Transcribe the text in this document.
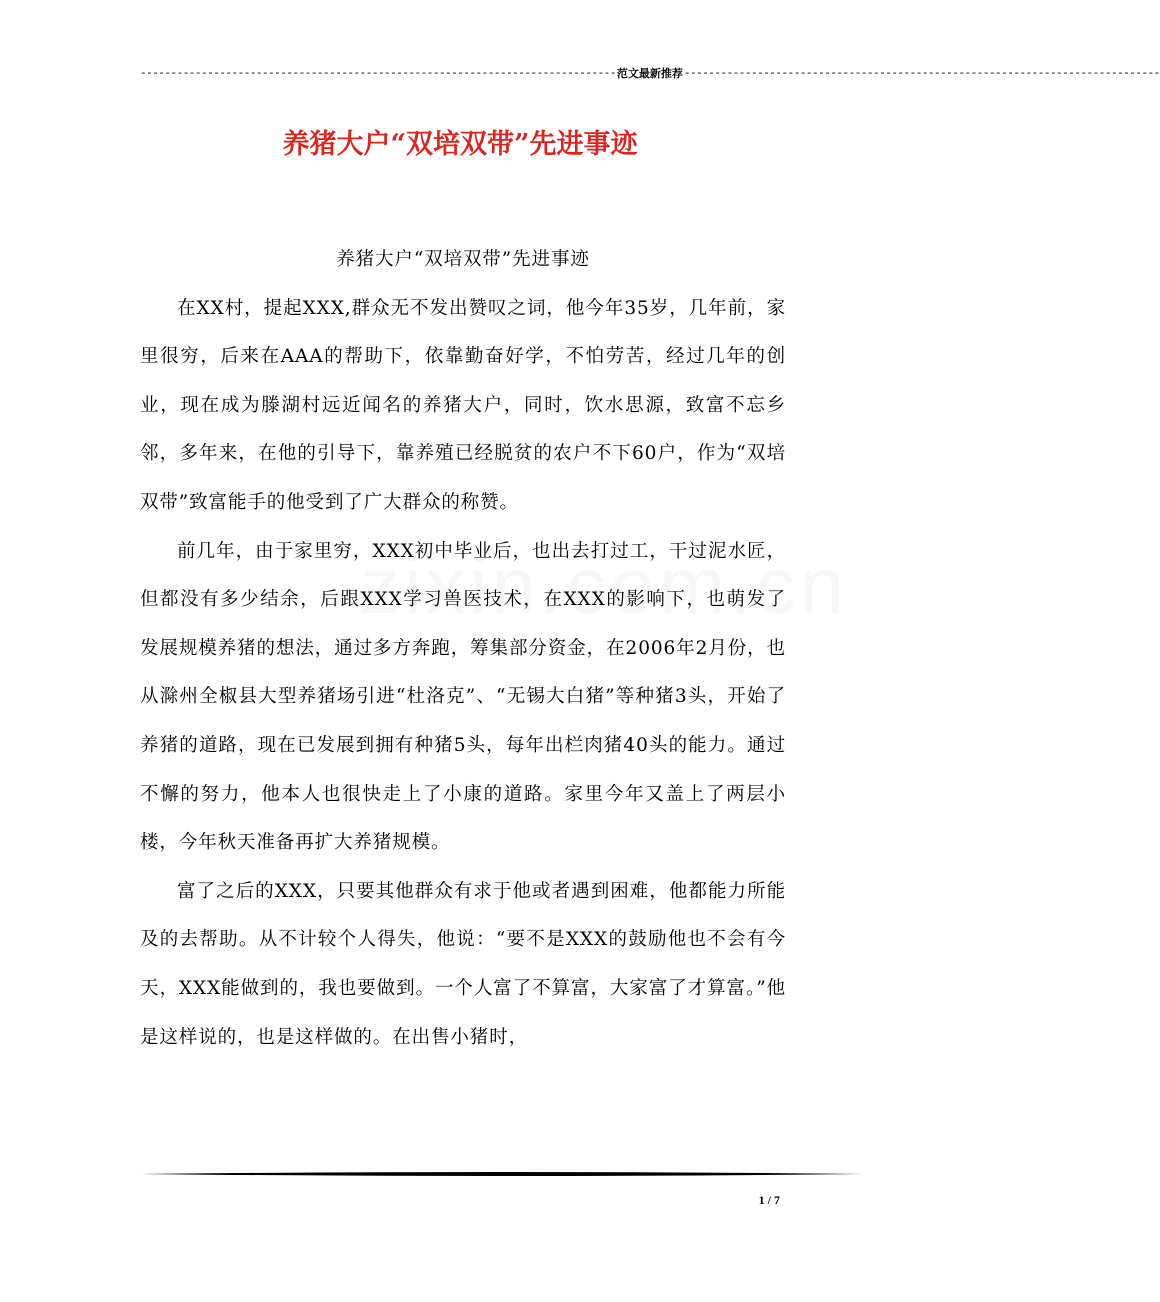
------------------------------------------------------------------------------ 范文最新推荐 ------------------------------------------------------------------------------
养猪大户“双培双带”先进事迹
养猪大户“双培双带”先进事迹

在XX村，提起XXX,群众无不发出赞叹之词，他今年35岁，几年前，家里很穷，后来在AAA的帮助下，依靠勤奋好学，不怕劳苦，经过几年的创业，现在成为滕湖村远近闻名的养猪大户，同时，饮水思源，致富不忘乡邻，多年来，在他的引导下，靠养殖已经脱贫的农户不下60户，作为“双培双带”致富能手的他受到了广大群众的称赞。

前几年，由于家里穷，XXX初中毕业后，也出去打过工，干过泥水匠，但都没有多少结余，后跟XXX学习兽医技术，在XXX的影响下，也萌发了发展规模养猪的想法，通过多方奔跑，筹集部分资金，在2006年2月份，也从滁州全椒县大型养猪场引进“杜洛克”、“无锡大白猪”等种猪3头，开始了养猪的道路，现在已发展到拥有种猪5头，每年出栏肉猪40头的能力。通过不懈的努力，他本人也很快走上了小康的道路。家里今年又盖上了两层小楼，今年秋天准备再扩大养猪规模。

富了之后的XXX，只要其他群众有求于他或者遇到困难，他都能力所能及的去帮助。从不计较个人得失，他说：“要不是XXX的鼓励他也不会有今天，XXX能做到的，我也要做到。一个人富了不算富，大家富了才算富。”他是这样说的，也是这样做的。在出售小猪时，

1 / 7
